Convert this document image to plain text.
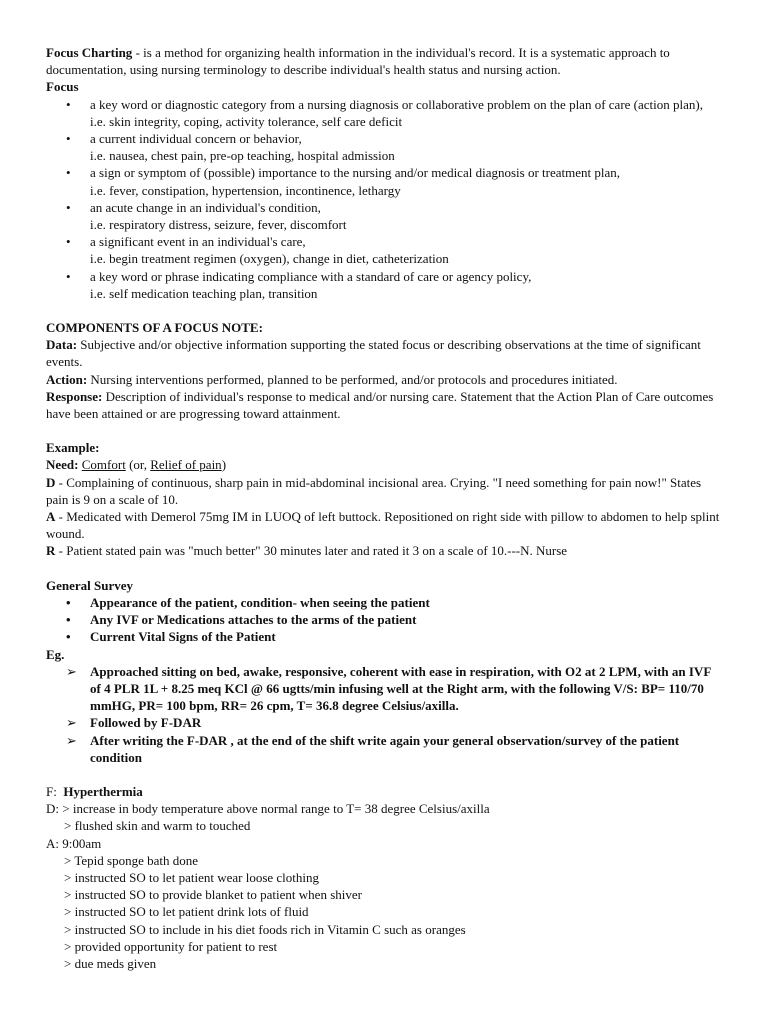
Focus Charting - is a method for organizing health information in the individual's record. It is a systematic approach to documentation, using nursing terminology to describe individual's health status and nursing action.

Focus

• a key word or diagnostic category from a nursing diagnosis or collaborative problem on the plan of care (action plan),
i.e. skin integrity, coping, activity tolerance, self care deficit
• a current individual concern or behavior,
i.e. nausea, chest pain, pre-op teaching, hospital admission
• a sign or symptom of (possible) importance to the nursing and/or medical diagnosis or treatment plan,
i.e. fever, constipation, hypertension, incontinence, lethargy
• an acute change in an individual's condition,
i.e. respiratory distress, seizure, fever, discomfort
• a significant event in an individual's care,
i.e. begin treatment regimen (oxygen), change in diet, catheterization
• a key word or phrase indicating compliance with a standard of care or agency policy,
i.e. self medication teaching plan, transition

COMPONENTS OF A FOCUS NOTE:

Data: Subjective and/or objective information supporting the stated focus or describing observations at the time of significant events.

Action: Nursing interventions performed, planned to be performed, and/or protocols and procedures initiated.

Response: Description of individual's response to medical and/or nursing care. Statement that the Action Plan of Care outcomes have been attained or are progressing toward attainment.

Example:

Need: Comfort (or, Relief of pain)

D - Complaining of continuous, sharp pain in mid-abdominal incisional area. Crying. "I need something for pain now!" States pain is 9 on a scale of 10.

A - Medicated with Demerol 75mg IM in LUOQ of left buttock. Repositioned on right side with pillow to abdomen to help splint wound.

R - Patient stated pain was "much better" 30 minutes later and rated it 3 on a scale of 10.---N. Nurse

General Survey

• Appearance of the patient, condition- when seeing the patient
• Any IVF or Medications attaches to the arms of the patient
• Current Vital Signs of the Patient

Eg.

➢ Approached sitting on bed, awake, responsive, coherent with ease in respiration, with O2 at 2 LPM, with an IVF of 4 PLR 1L + 8.25 meq KCl @ 66 ugtts/min infusing well at the Right arm, with the following V/S: BP= 110/70 mmHG, PR= 100 bpm, RR= 26 cpm, T= 36.8 degree Celsius/axilla.
➢ Followed by F-DAR
➢ After writing the F-DAR , at the end of the shift write again your general observation/survey of the patient condition

F: Hyperthermia

D: > increase in body temperature above normal range to T= 38 degree Celsius/axilla

> flushed skin and warm to touched

A: 9:00am

> Tepid sponge bath done

> instructed SO to let patient wear loose clothing

> instructed SO to provide blanket to patient when shiver

> instructed SO to let patient drink lots of fluid

> instructed SO to include in his diet foods rich in Vitamin C such as oranges

> provided opportunity for patient to rest

> due meds given
